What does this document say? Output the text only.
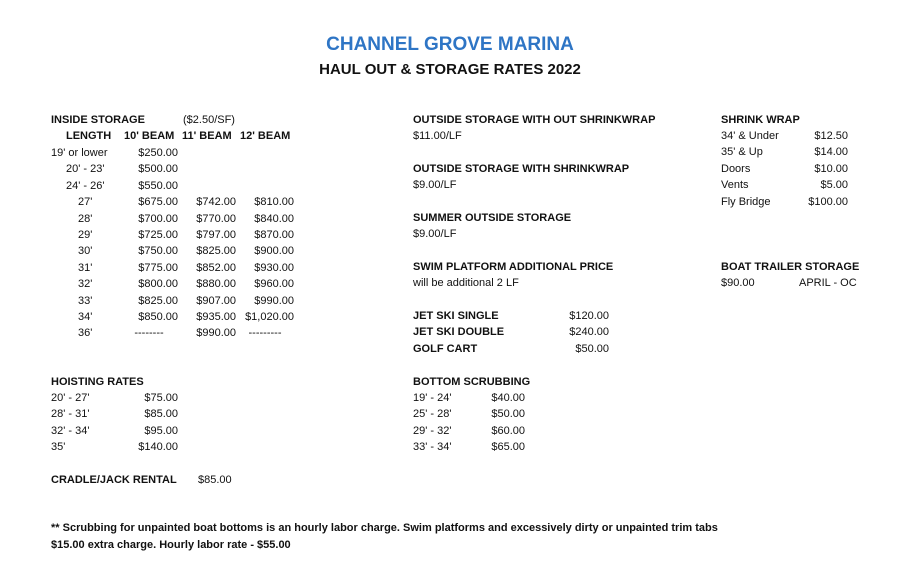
CHANNEL GROVE MARINA
HAUL OUT & STORAGE RATES 2022
INSIDE STORAGE	($2.50/SF)
LENGTH 10' BEAM 11' BEAM 12' BEAM
19' or lower	$250.00
20' - 23'	$500.00
24' - 26'	$550.00
27'	$675.00	$742.00	$810.00
28'	$700.00	$770.00	$840.00
29'	$725.00	$797.00	$870.00
30'	$750.00	$825.00	$900.00
31'	$775.00	$852.00	$930.00
32'	$800.00	$880.00	$960.00
33'	$825.00	$907.00	$990.00
34'	$850.00	$935.00 $1,020.00
36'	--------	$990.00	---------
HOISTING RATES
20' - 27'	$75.00
28' - 31'	$85.00
32' - 34'	$95.00
35'	$140.00
CRADLE/JACK RENTAL $85.00
OUTSIDE STORAGE WITH OUT SHRINKWRAP
$11.00/LF
OUTSIDE STORAGE WITH SHRINKWRAP
$9.00/LF
SUMMER OUTSIDE STORAGE
$9.00/LF
SWIM PLATFORM ADDITIONAL PRICE
will be additional 2 LF
JET SKI SINGLE	$120.00
JET SKI DOUBLE	$240.00
GOLF CART	$50.00
BOTTOM SCRUBBING
19' - 24'	$40.00
25' - 28'	$50.00
29' - 32'	$60.00
33' - 34'	$65.00
SHRINK WRAP
34' & Under	$12.50
35' & Up	$14.00
Doors	$10.00
Vents	$5.00
Fly Bridge	$100.00
BOAT TRAILER STORAGE
$90.00	APRIL - OC
** Scrubbing for unpainted boat bottoms is an hourly labor charge. Swim platforms and excessively dirty or unpainted trim tabs
$15.00 extra charge. Hourly labor rate - $55.00
